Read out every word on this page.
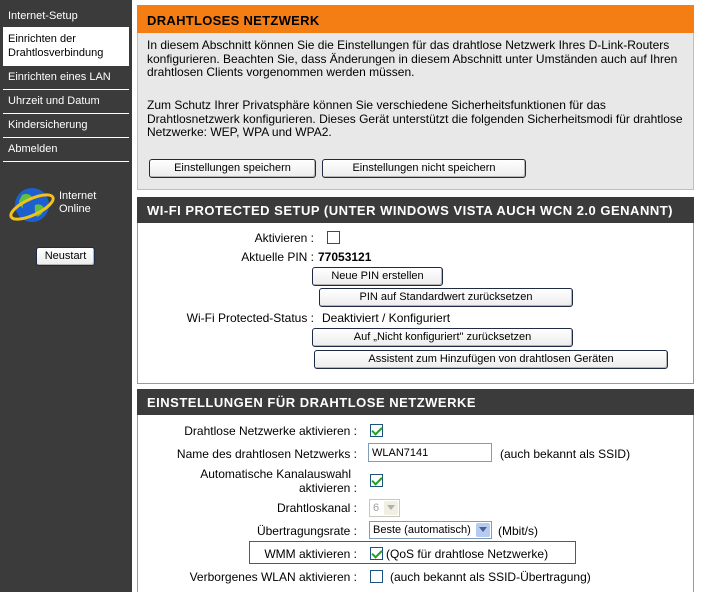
Internet-Setup
Einrichten der Drahtlosverbindung
Einrichten eines LAN
Uhrzeit und Datum
Kindersicherung
Abmelden
Internet
Online
Neustart
DRAHTLOSES NETZWERK
In diesem Abschnitt können Sie die Einstellungen für das drahtlose Netzwerk Ihres D-Link-Routers konfigurieren. Beachten Sie, dass Änderungen in diesem Abschnitt unter Umständen auch auf Ihren drahtlosen Clients vorgenommen werden müssen.
Zum Schutz Ihrer Privatsphäre können Sie verschiedene Sicherheitsfunktionen für das Drahtlosnetzwerk konfigurieren. Dieses Gerät unterstützt die folgenden Sicherheitsmodi für drahtlose Netzwerke: WEP, WPA und WPA2.
Einstellungen speichern	Einstellungen nicht speichern
WI-FI PROTECTED SETUP (UNTER WINDOWS VISTA AUCH WCN 2.0 GENANNT)
Aktivieren :
Aktuelle PIN : 77053121
Neue PIN erstellen
PIN auf Standardwert zurücksetzen
Wi-Fi Protected-Status : Deaktiviert / Konfiguriert
Auf „Nicht konfiguriert" zurücksetzen
Assistent zum Hinzufügen von drahtlosen Geräten
EINSTELLUNGEN FÜR DRAHTLOSE NETZWERKE
Drahtlose Netzwerke aktivieren :
Name des drahtlosen Netzwerks :	WLAN7141	(auch bekannt als SSID)
Automatische Kanalauswahl
aktivieren :
Drahtloskanal :	6
Übertragungsrate :	Beste (automatisch)	(Mbit/s)
WMM aktivieren : (QoS für drahtlose Netzwerke)
Verborgenes WLAN aktivieren :	(auch bekannt als SSID-Übertragung)
